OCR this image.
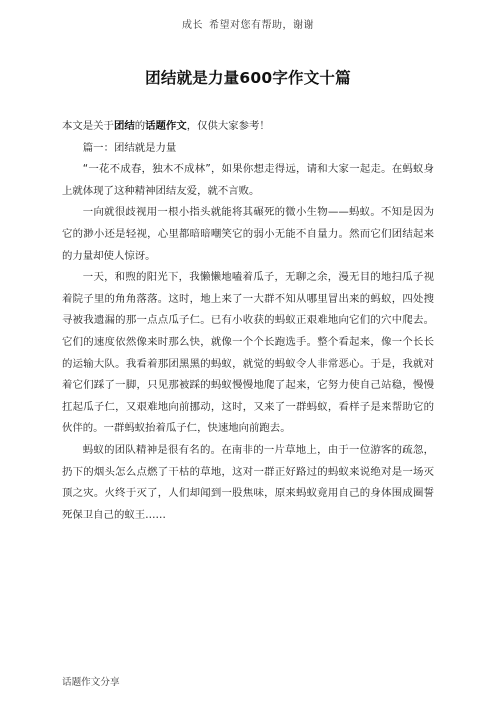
成长 希望对您有帮助，谢谢
团结就是力量600字作文十篇

本文是关于团结的话题作文，仅供大家参考！

篇一：团结就是力量

“一花不成春，独木不成林”，如果你想走得远，请和大家一起走。在蚂蚁身上就体现了这种精神团结友爱，就不言败。

一向就很歧视用一根小指头就能将其碾死的微小生物——蚂蚁。不知是因为它的渺小还是轻视，心里都暗暗嘲笑它的弱小无能不自量力。然而它们团结起来的力量却使人惊讶。

一天，和煦的阳光下，我懒懒地嗑着瓜子，无聊之余，漫无目的地扫瓜子视着院子里的角角落落。这时，地上来了一大群不知从哪里冒出来的蚂蚁，四处搜寻被我遗漏的那一点点瓜子仁。已有小收获的蚂蚁正艰难地向它们的穴中爬去。它们的速度依然像来时那么快，就像一个个长跑选手。整个看起来，像一个长长的运输大队。我看着那团黑黑的蚂蚁，就觉的蚂蚁令人非常恶心。于是，我就对着它们踩了一脚，只见那被踩的蚂蚁慢慢地爬了起来，它努力使自己站稳，慢慢扛起瓜子仁，又艰难地向前挪动，这时，又来了一群蚂蚁，看样子是来帮助它的伙伴的。一群蚂蚁抬着瓜子仁，快速地向前跑去。

蚂蚁的团队精神是很有名的。在南非的一片草地上，由于一位游客的疏忽，扔下的烟头怎么点燃了干枯的草地，这对一群正好路过的蚂蚁来说绝对是一场灭顶之灾。火终于灭了，人们却闻到一股焦味，原来蚂蚁竟用自己的身体围成圈誓死保卫自己的蚁王……

话题作文分享
